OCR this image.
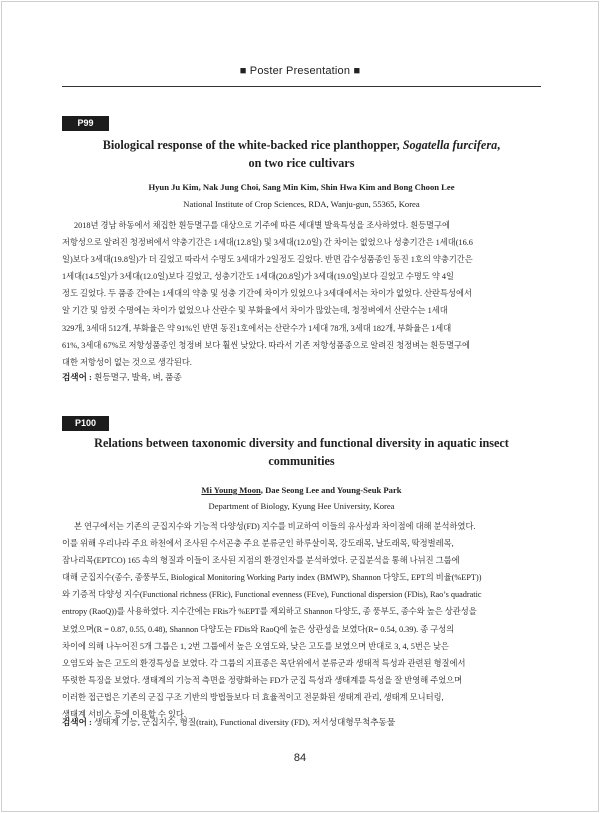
■ Poster Presentation ■
P99
Biological response of the white-backed rice planthopper, Sogatella furcifera,
on two rice cultivars
Hyun Ju Kim, Nak Jung Choi, Sang Min Kim, Shin Hwa Kim and Bong Choon Lee
National Institute of Crop Sciences, RDA, Wanju-gun, 55365, Korea
2018년 경남 하동에서 채집한 흰등멸구를 대상으로 기주에 따른 세대별 발육특성을 조사하였다. 흰등멸구에
저항성으로 알려진 청정벼에서 약충기간은 1세대(12.8일) 및 3세대(12.0일) 간 차이는 없었으나 성충기간은 1세대(16.6
일)보다 3세대(19.8일)가 더 길었고 따라서 수명도 3세대가 2일정도 길었다. 반면 감수성품종인 동진 1호의 약충기간은
1세대(14.5일)가 3세대(12.0일)보다 길었고, 성충기간도 1세대(20.8일)가 3세대(19.0일)보다 길었고 수명도 약 4일
정도 길었다. 두 품종 간에는 1세대의 약충 및 성충 기간에 차이가 있었으나 3세대에서는 차이가 없었다. 산란특성에서
알 기간 및 암컷 수명에는 차이가 없었으나 산란수 및 부화율에서 차이가 많았는데, 청정벼에서 산란수는 1세대
329개, 3세대 512개, 부화율은 약 91%인 반면 동진1호에서는 산란수가 1세대 78개, 3세대 182개, 부화율은 1세대
61%, 3세대 67%로 저항성품종인 청정벼 보다 훨씬 낮았다. 따라서 기존 저항성품종으로 알려진 청정벼는 흰등멸구에
대한 저항성이 없는 것으로 생각된다.
검색어 : 흰등멸구, 발육, 벼, 품종
P100
Relations between taxonomic diversity and functional diversity in aquatic insect
communities
Mi Young Moon, Dae Seong Lee and Young-Seuk Park
Department of Biology, Kyung Hee University, Korea
본 연구에서는 기존의 군집지수와 기능적 다양성(FD) 지수를 비교하여 이들의 유사성과 차이점에 대해 분석하였다.
이를 위해 우리나라 주요 하천에서 조사된 수서곤충 주요 분류군인 하루살이목, 강도래목, 날도래목, 딱정벌레목,
잠나리목(EPTCO) 165 속의 형질과 이들이 조사된 지점의 환경인자를 분석하였다. 군집분석을 통해 나뉘진 그룹에
대해 군집지수(종수, 종풍부도, Biological Monitoring Working Party index (BMWP), Shannon 다양도, EPT의 비율(%EPT))
와 기증적 다양성 지수(Functional richness (FRic), Functional evenness (FEve), Functional dispersion (FDis), Rao’s quadratic
entropy (RaoQ))를 사용하였다. 지수간에는 FRis가 %EPT를 제외하고 Shannon 다양도, 종 풍부도, 종수와 높은 상관성을
보였으며(R = 0.87, 0.55, 0.48), Shannon 다양도는 FDis와 RaoQ에 높은 상관성을 보였다(R= 0.54, 0.39). 종 구성의
차이에 의해 나누어진 5개 그룹은 1, 2번 그룹에서 높은 오염도와, 낮은 고도를 보였으며 반대로 3, 4, 5번은 낮은
오염도와 높은 고도의 환경특성을 보였다. 각 그룹의 지표종은 목단위에서 분류군과 생태적 특성과 관련된 형질에서
뚜렷한 특징을 보였다. 생태계의 기능적 측면을 정량화하는 FD가 군집 특성과 생태계를 특성을 잘 반영해 주었으며
이러한 접근법은 기존의 군집 구조 기반의 방법들보다 더 효율적이고 전문화된 생태계 관리, 생태계 모니터링,
생태계 서비스 등에 이용할 수 있다.
검색어 : 생태계 기능, 군집지수, 형질(trait), Functional diversity (FD), 저서성대형무척추동물
84
